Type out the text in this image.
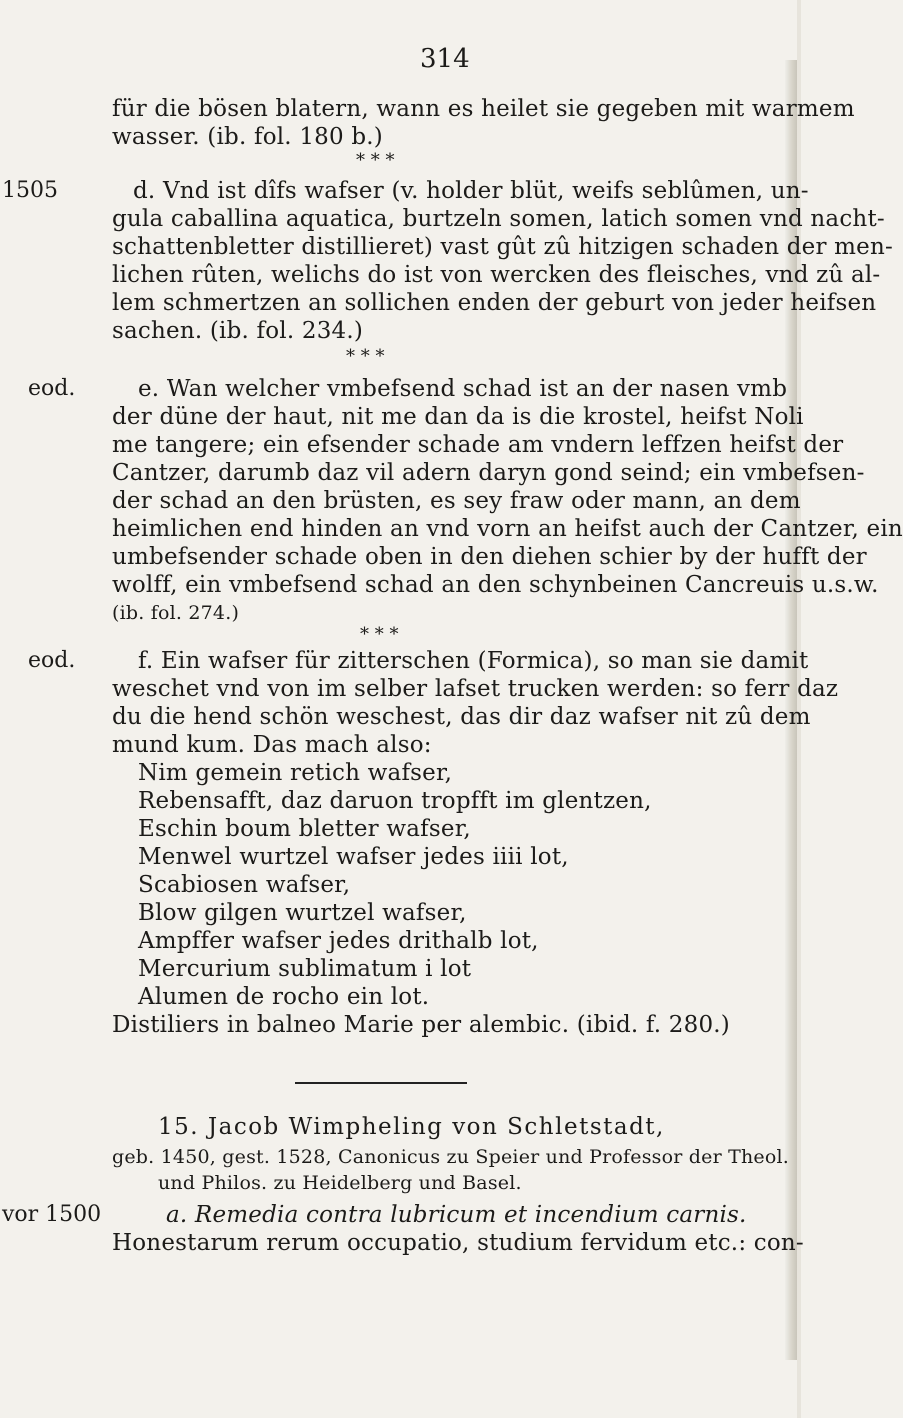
314
für die bösen blatern, wann es heilet sie gegeben mit warmem
wasser. (ib. fol. 180 b.)
* * *
1505	d. Vnd ist dîfs wafser (v. holder blüt, weifs seblûmen, un-
gula caballina aquatica, burtzeln somen, latich somen vnd nacht-
schattenbletter distillieret) vast gût zû hitzigen schaden der men-
lichen rûten, welichs do ist von wercken des fleisches, vnd zû al-
lem schmertzen an sollichen enden der geburt von jeder heifsen
sachen. (ib. fol. 234.)
* * *
eod.	e. Wan welcher vmbefsend schad ist an der nasen vmb
der düne der haut, nit me dan da is die krostel, heifst Noli
me tangere; ein efsender schade am vndern leffzen heifst der
Cantzer, darumb daz vil adern daryn gond seind; ein vmbefsen-
der schad an den brüsten, es sey fraw oder mann, an dem
heimlichen end hinden an vnd vorn an heifst auch der Cantzer, ein
umbefsender schade oben in den diehen schier by der hufft der
wolff, ein vmbefsend schad an den schynbeinen Cancreuis u.s.w.
(ib. fol. 274.)
* * *
eod.	f. Ein wafser für zitterschen (Formica), so man sie damit
weschet vnd von im selber lafset trucken werden: so ferr daz
du die hend schön weschest, das dir daz wafser nit zû dem
mund kum. Das mach also:
Nim gemein retich wafser,
Rebensafft, daz daruon tropfft im glentzen,
Eschin boum bletter wafser,
Menwel wurtzel wafser jedes iiii lot,
Scabiosen wafser,
Blow gilgen wurtzel wafser,
Ampffer wafser jedes drithalb lot,
Mercurium sublimatum i lot
Alumen de rocho ein lot.
Distiliers in balneo Marie per alembic. (ibid. f. 280.)
15. Jacob Wimpheling von Schletstadt,
geb. 1450, gest. 1528, Canonicus zu Speier und Professor der Theol.
und Philos. zu Heidelberg und Basel.
vor 1500	a. Remedia contra lubricum et incendium carnis.
Honestarum rerum occupatio, studium fervidum etc.: con-
